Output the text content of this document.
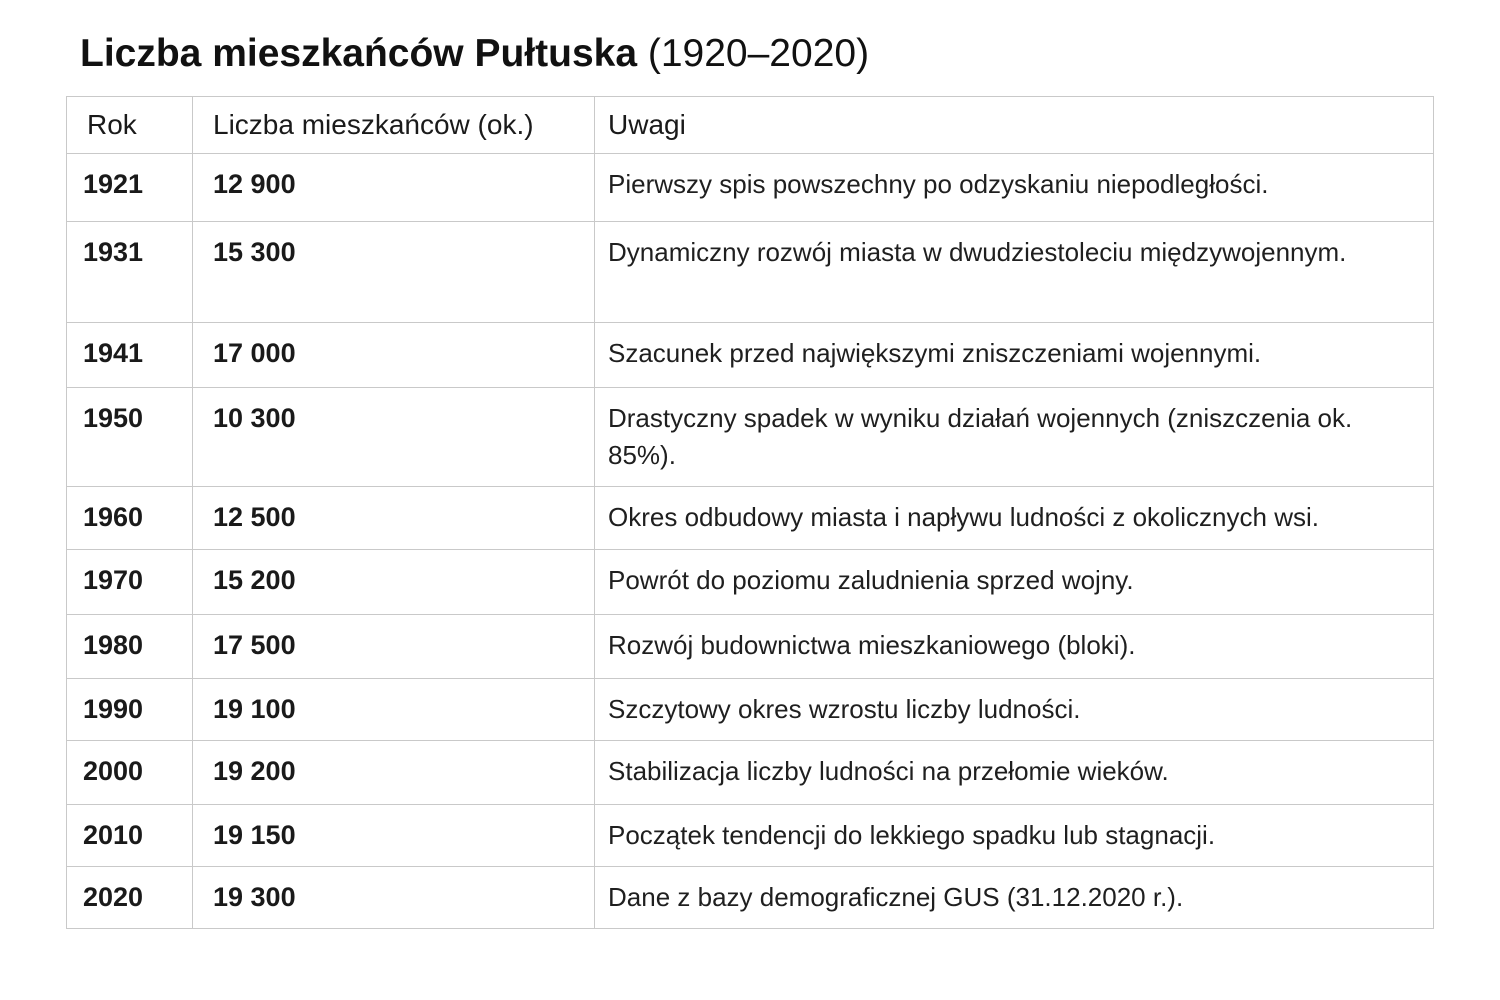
Liczba mieszkańców Pułtuska (1920–2020)
Rok	Liczba mieszkańców (ok.)	Uwagi
1921	12 900	Pierwszy spis powszechny po odzyskaniu niepodległości.
1931	15 300	Dynamiczny rozwój miasta w dwudziestoleciu międzywojennym.
1941	17 000	Szacunek przed największymi zniszczeniami wojennymi.
1950	10 300	Drastyczny spadek w wyniku działań wojennych (zniszczenia ok. 85%).
1960	12 500	Okres odbudowy miasta i napływu ludności z okolicznych wsi.
1970	15 200	Powrót do poziomu zaludnienia sprzed wojny.
1980	17 500	Rozwój budownictwa mieszkaniowego (bloki).
1990	19 100	Szczytowy okres wzrostu liczby ludności.
2000	19 200	Stabilizacja liczby ludności na przełomie wieków.
2010	19 150	Początek tendencji do lekkiego spadku lub stagnacji.
2020	19 300	Dane z bazy demograficznej GUS (31.12.2020 r.).
